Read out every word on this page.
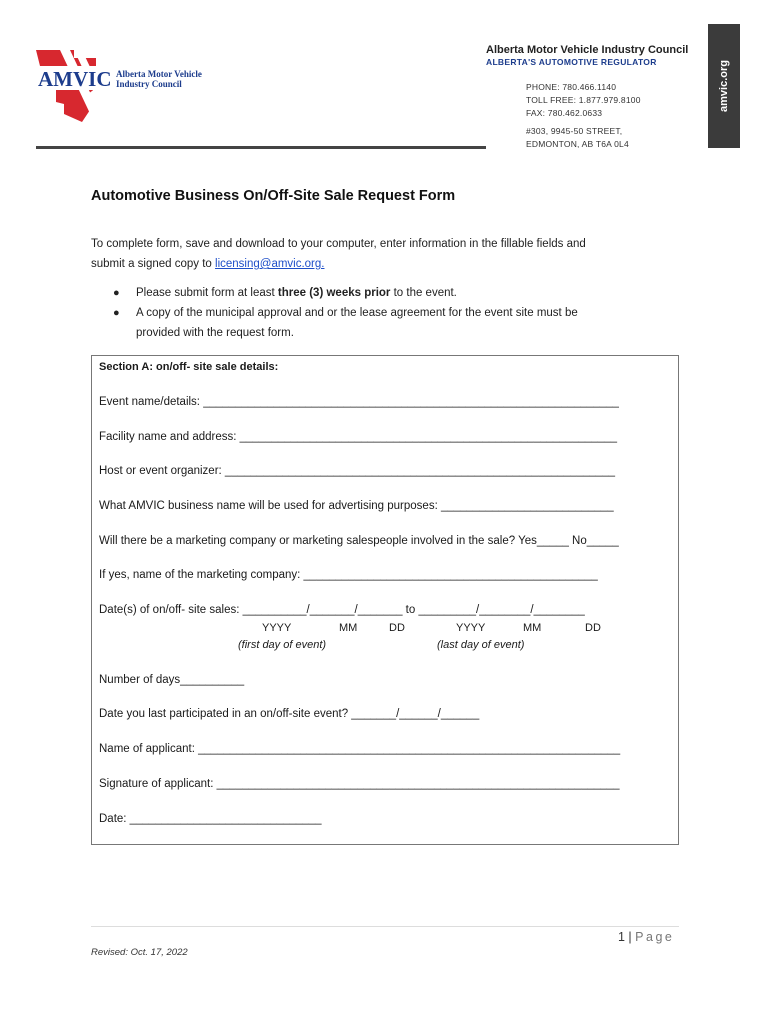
AMVIC Alberta Motor Vehicle
Industry Council
Alberta Motor Vehicle Industry Council
ALBERTA'S AUTOMOTIVE REGULATOR
PHONE: 780.466.1140
TOLL FREE: 1.877.979.8100
FAX: 780.462.0633
#303, 9945-50 STREET,
EDMONTON, AB T6A 0L4
amvic.org
Automotive Business On/Off-Site Sale Request Form
To complete form, save and download to your computer, enter information in the fillable fields and
submit a signed copy to licensing@amvic.org.
● Please submit form at least three (3) weeks prior to the event.
● A copy of the municipal approval and or the lease agreement for the event site must be
provided with the request form.
Section A: on/off- site sale details:
Event name/details: _________________________________________________________________
Facility name and address: ___________________________________________________________
Host or event organizer: _____________________________________________________________
What AMVIC business name will be used for advertising purposes: ___________________________
Will there be a marketing company or marketing salespeople involved in the sale? Yes_____ No_____
If yes, name of the marketing company: ______________________________________________
Date(s) of on/off- site sales: __________/_______/_______ to _________/________/________
YYYY	MM	DD	YYYY	MM	DD
(first day of event)	(last day of event)
Number of days__________
Date you last participated in an on/off-site event? _______/______/______
Name of applicant: __________________________________________________________________
Signature of applicant: _______________________________________________________________
Date: ______________________________
1 | Page
Revised: Oct. 17, 2022
